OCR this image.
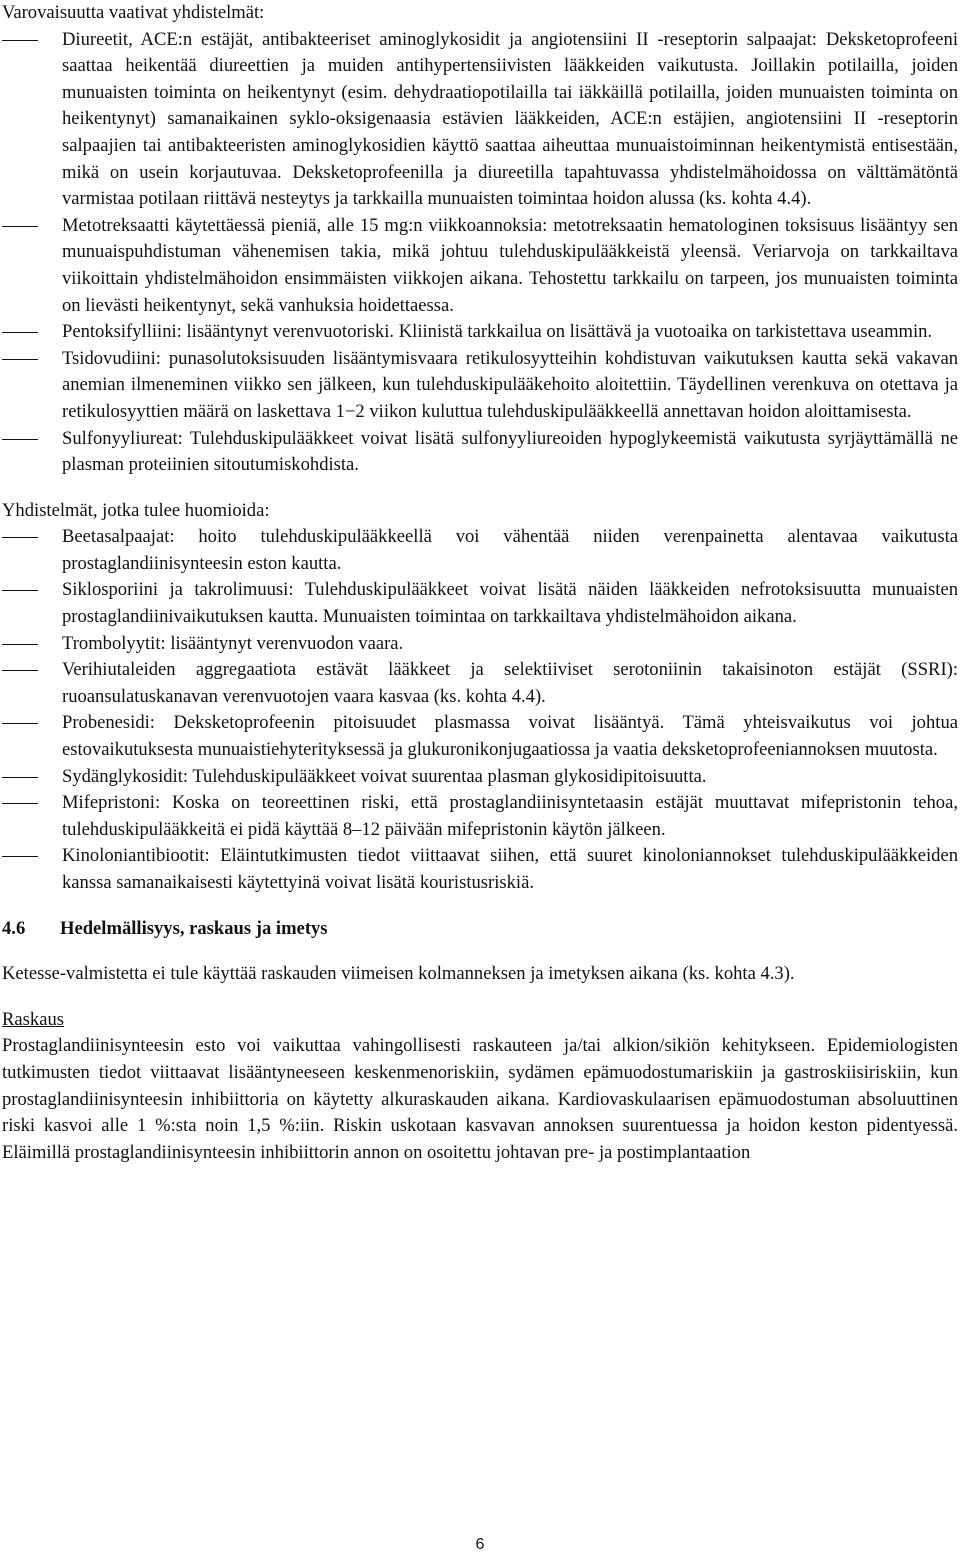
Varovaisuutta vaativat yhdistelmät:

Diureetit, ACE:n estäjät, antibakteeriset aminoglykosidit ja angiotensiini II -reseptorin salpaajat: Deksketoprofeeni saattaa heikentää diureettien ja muiden antihypertensiivisten lääkkeiden vaikutusta. Joillakin potilailla, joiden munuaisten toiminta on heikentynyt (esim. dehydraatiopotilailla tai iäkkäillä potilailla, joiden munuaisten toiminta on heikentynyt) samanaikainen syklo-oksigenaasia estävien lääkkeiden, ACE:n estäjien, angiotensiini II -reseptorin salpaajien tai antibakteeristen aminoglykosidien käyttö saattaa aiheuttaa munuaistoiminnan heikentymistä entisestään, mikä on usein korjautuvaa. Deksketoprofeenilla ja diureetilla tapahtuvassa yhdistelmähoidossa on välttämätöntä varmistaa potilaan riittävä nesteytys ja tarkkailla munuaisten toimintaa hoidon alussa (ks. kohta 4.4).
Metotreksaatti käytettäessä pieniä, alle 15 mg:n viikkoannoksia: metotreksaatin hematologinen toksisuus lisääntyy sen munuaispuhdistuman vähenemisen takia, mikä johtuu tulehduskipulääkkeistä yleensä. Veriarvoja on tarkkailtava viikoittain yhdistelmähoidon ensimmäisten viikkojen aikana. Tehostettu tarkkailu on tarpeen, jos munuaisten toiminta on lievästi heikentynyt, sekä vanhuksia hoidettaessa.
Pentoksifylliini: lisääntynyt verenvuotoriski. Kliinistä tarkkailua on lisättävä ja vuotoaika on tarkistettava useammin.
Tsidovudiini: punasolutoksisuuden lisääntymisvaara retikulosyytteihin kohdistuvan vaikutuksen kautta sekä vakavan anemian ilmeneminen viikko sen jälkeen, kun tulehduskipulääkehoito aloitettiin. Täydellinen verenkuva on otettava ja retikulosyyttien määrä on laskettava 1−2 viikon kuluttua tulehduskipulääkkeellä annettavan hoidon aloittamisesta.
Sulfonyyliureat: Tulehduskipulääkkeet voivat lisätä sulfonyyliureoiden hypoglykeemistä vaikutusta syrjäyttämällä ne plasman proteiinien sitoutumiskohdista.

Yhdistelmät, jotka tulee huomioida:

Beetasalpaajat: hoito tulehduskipulääkkeellä voi vähentää niiden verenpainetta alentavaa vaikutusta prostaglandiinisynteesin eston kautta.
Siklosporiini ja takrolimuusi: Tulehduskipulääkkeet voivat lisätä näiden lääkkeiden nefrotoksisuutta munuaisten prostaglandiinivaikutuksen kautta. Munuaisten toimintaa on tarkkailtava yhdistelmähoidon aikana.
Trombolyytit: lisääntynyt verenvuodon vaara.
Verihiutaleiden aggregaatiota estävät lääkkeet ja selektiiviset serotoniinin takaisinoton estäjät (SSRI): ruoansulatuskanavan verenvuotojen vaara kasvaa (ks. kohta 4.4).
Probenesidi: Deksketoprofeenin pitoisuudet plasmassa voivat lisääntyä. Tämä yhteisvaikutus voi johtua estovaikutuksesta munuaistiehyterityksessä ja glukuronikonjugaatiossa ja vaatia deksketoprofeeniannoksen muutosta.
Sydänglykosidit: Tulehduskipulääkkeet voivat suurentaa plasman glykosidipitoisuutta.
Mifepristoni: Koska on teoreettinen riski, että prostaglandiinisyntetaasin estäjät muuttavat mifepristonin tehoa, tulehduskipulääkkeitä ei pidä käyttää 8–12 päivään mifepristonin käytön jälkeen.
Kinoloniantibiootit: Eläintutkimusten tiedot viittaavat siihen, että suuret kinoloniannokset tulehduskipulääkkeiden kanssa samanaikaisesti käytettyinä voivat lisätä kouristusriskiä.

4.6 Hedelmällisyys, raskaus ja imetys

Ketesse-valmistetta ei tule käyttää raskauden viimeisen kolmanneksen ja imetyksen aikana (ks. kohta 4.3).

Raskaus

Prostaglandiinisynteesin esto voi vaikuttaa vahingollisesti raskauteen ja/tai alkion/sikiön kehitykseen. Epidemiologisten tutkimusten tiedot viittaavat lisääntyneeseen keskenmenoriskiin, sydämen epämuodostumariskiin ja gastroskiisiriskiin, kun prostaglandiinisynteesin inhibiittoria on käytetty alkuraskauden aikana. Kardiovaskulaarisen epämuodostuman absoluuttinen riski kasvoi alle 1 %:sta noin 1,5 %:iin. Riskin uskotaan kasvavan annoksen suurentuessa ja hoidon keston pidentyessä. Eläimillä prostaglandiinisynteesin inhibiittorin annon on osoitettu johtavan pre- ja postimplantaation

6
